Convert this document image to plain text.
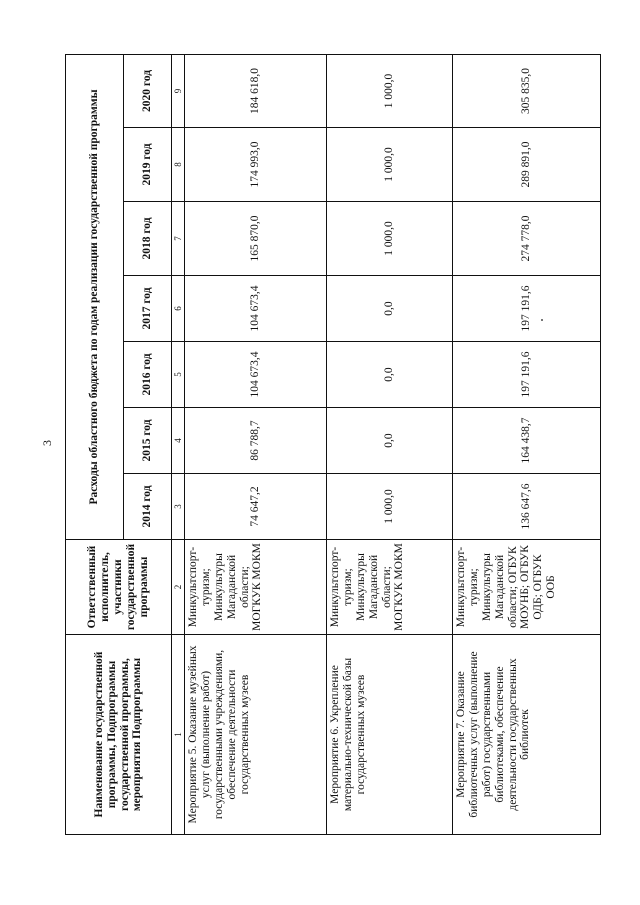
3
Наименование государственной программы, Подпрограммы государственной программы, мероприятия Подпрограммы	Ответственный исполнитель, участники государственной программы	Расходы областного бюджета по годам реализации государственной программы						
		2014 год	2015 год	2016 год	2017 год	2018 год	2019 год	2020 год
1	2	3	4	5	6	7	8	9
Мероприятие 5. Оказание музейных услуг (выполнение работ) государственными учреждениями, обеспечение деятельности государственных музеев	Минкультспорт-туризм; Минкультуры Магаданской области; МОГКУК МОКМ	74 647,2	86 788,7	104 673,4	104 673,4	165 870,0	174 993,0	184 618,0
Мероприятие 6. Укрепление материально-технической базы государственных музеев	Минкультспорт-туризм; Минкультуры Магаданской области; МОГКУК МОКМ	1 000,0	0,0	0,0	0,0	1 000,0	1 000,0	1 000,0
Мероприятие 7. Оказание библиотечных услуг (выполнение работ) государственными библиотеками, обеспечение деятельности государственных библиотек	Минкультспорт-туризм; Минкультуры Магаданской области; ОГБУК МОУНБ; ОГБУК ОДБ; ОГБУК ООБ	136 647,6	164 438,7	197 191,6	197 191,6	274 778,0	289 891,0	305 835,0
